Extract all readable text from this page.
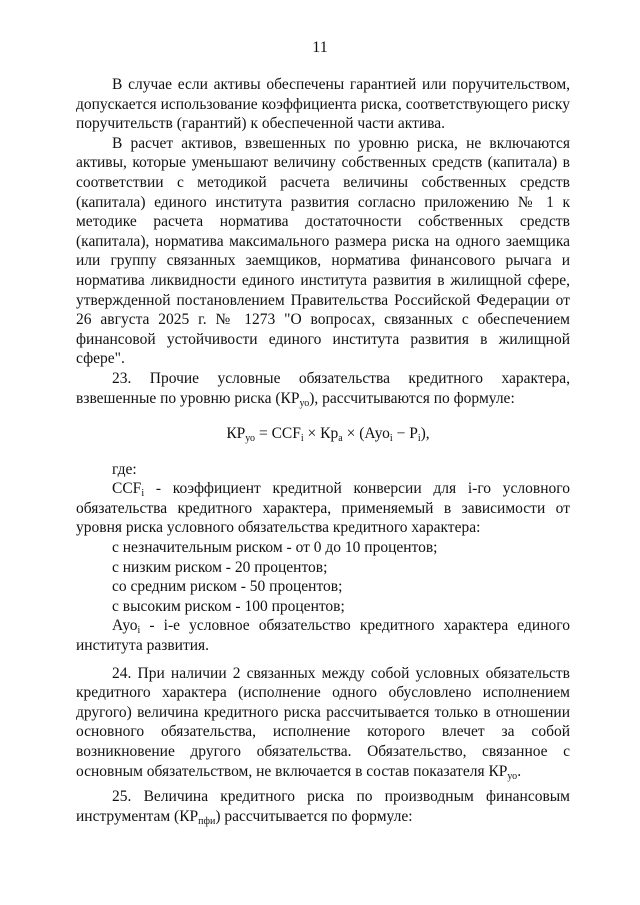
11

В случае если активы обеспечены гарантией или поручительством, допускается использование коэффициента риска, соответствующего риску поручительств (гарантий) к обеспеченной части актива.

В расчет активов, взвешенных по уровню риска, не включаются активы, которые уменьшают величину собственных средств (капитала) в соответствии с методикой расчета величины собственных средств (капитала) единого института развития согласно приложению № 1 к методике расчета норматива достаточности собственных средств (капитала), норматива максимального размера риска на одного заемщика или группу связанных заемщиков, норматива финансового рычага и норматива ликвидности единого института развития в жилищной сфере, утвержденной постановлением Правительства Российской Федерации от 26 августа 2025 г. № 1273 "О вопросах, связанных с обеспечением финансовой устойчивости единого института развития в жилищной сфере".

23. Прочие условные обязательства кредитного характера, взвешенные по уровню риска $(КР_{уо})$, рассчитываются по формуле:

$КР_{уо} = CCF_i \times Кр_а \times (Ауо_i - Р_i)$,

где:

$CCF_i$ - коэффициент кредитной конверсии для i-го условного обязательства кредитного характера, применяемый в зависимости от уровня риска условного обязательства кредитного характера:

с незначительным риском - от 0 до 10 процентов;

с низким риском - 20 процентов;

со средним риском - 50 процентов;

с высоким риском - 100 процентов;

Ауо$_i$ - i-е условное обязательство кредитного характера единого института развития.

24. При наличии 2 связанных между собой условных обязательств кредитного характера (исполнение одного обусловлено исполнением другого) величина кредитного риска рассчитывается только в отношении основного обязательства, исполнение которого влечет за собой возникновение другого обязательства. Обязательство, связанное с основным обязательством, не включается в состав показателя $КР_{уо}$.

25. Величина кредитного риска по производным финансовым инструментам $(КР_{пфи})$ рассчитывается по формуле:
